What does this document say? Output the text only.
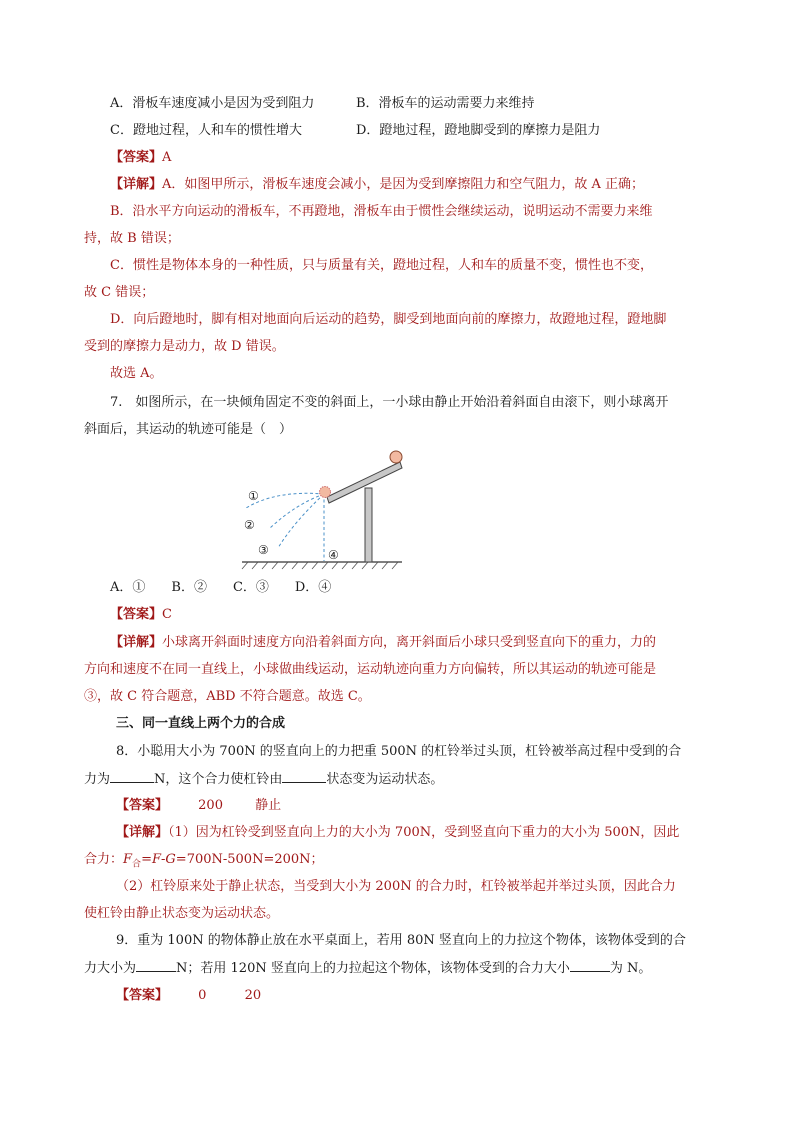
A．滑板车速度减小是因为受到阻力	B．滑板车的运动需要力来维持
C．蹬地过程，人和车的惯性增大	D．蹬地过程，蹬地脚受到的摩擦力是阻力
【答案】A
【详解】A．如图甲所示，滑板车速度会减小，是因为受到摩擦阻力和空气阻力，故 A 正确；
B．沿水平方向运动的滑板车，不再蹬地，滑板车由于惯性会继续运动，说明运动不需要力来维
持，故 B 错误；
C．惯性是物体本身的一种性质，只与质量有关，蹬地过程，人和车的质量不变，惯性也不变，
故 C 错误；
D．向后蹬地时，脚有相对地面向后运动的趋势，脚受到地面向前的摩擦力，故蹬地过程，蹬地脚
受到的摩擦力是动力，故 D 错误。
故选 A。
7.　如图所示，在一块倾角固定不变的斜面上，一小球由静止开始沿着斜面自由滚下，则小球离开
斜面后，其运动的轨迹可能是（　）
①
②
③	④
A．①　　B．②　　C．③　　D．④
【答案】C
【详解】小球离开斜面时速度方向沿着斜面方向，离开斜面后小球只受到竖直向下的重力，力的
方向和速度不在同一直线上，小球做曲线运动，运动轨迹向重力方向偏转，所以其运动的轨迹可能是
③，故 C 符合题意，ABD 不符合题意。故选 C。
三、同一直线上两个力的合成
8．小聪用大小为 700N 的竖直向上的力把重 500N 的杠铃举过头顶，杠铃被举高过程中受到的合
力为	N，这个合力使杠铃由	状态变为运动状态。
【答案】 200 静止
【详解】（1）因为杠铃受到竖直向上力的大小为 700N，受到竖直向下重力的大小为 500N，因此
合力：$F_合=F-G=700N-500N=200N$；
（2）杠铃原来处于静止状态，当受到大小为 200N 的合力时，杠铃被举起并举过头顶，因此合力
使杠铃由静止状态变为运动状态。
9．重为 100N 的物体静止放在水平桌面上，若用 80N 竖直向上的力拉这个物体，该物体受到的合
力大小为	N；若用 120N 竖直向上的力拉起这个物体，该物体受到的合力大小	为 N。
【答案】 0	20
